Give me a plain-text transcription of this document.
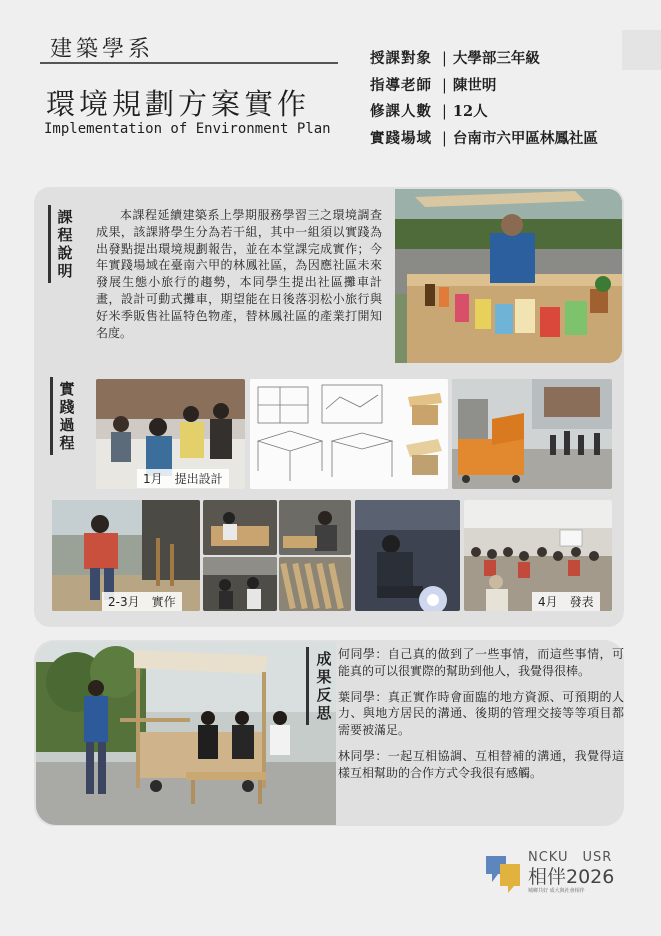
建築學系
環境規劃方案實作
Implementation of Environment Plan
授課對象 | 大學部三年級
指導老師 | 陳世明
修課人數 | 12人
實踐場域 | 台南市六甲區林鳳社區
課程說明
本課程延續建築系上學期服務學習三之環境調查成果，該課將學生分為若干組，其中一組須以實踐為出發點提出環境規劃報告，並在本堂課完成實作；今年實踐場域在臺南六甲的林鳳社區，為因應社區未來發展生態小旅行的趨勢，本同學生提出社區攤車計畫，設計可動式攤車，期望能在日後落羽松小旅行與好米季販售社區特色物產，替林鳳社區的產業打開知名度。
實踐過程
1月　提出設計
2-3月　實作	4月　發表
成果反思

何同學：自己真的做到了一些事情，而這些事情，可能真的可以很實際的幫助到他人，我覺得很棒。

葉同學：真正實作時會面臨的地方資源、可預期的人力、與地方居民的溝通、後期的管理交接等等項目都需要被滿足。

林同學：一起互相協調、互相替補的溝通，我覺得這樣互相幫助的合作方式令我很有感觸。

NCKU　USR
相伴2026
城鄉共好 成大與社會相伴
